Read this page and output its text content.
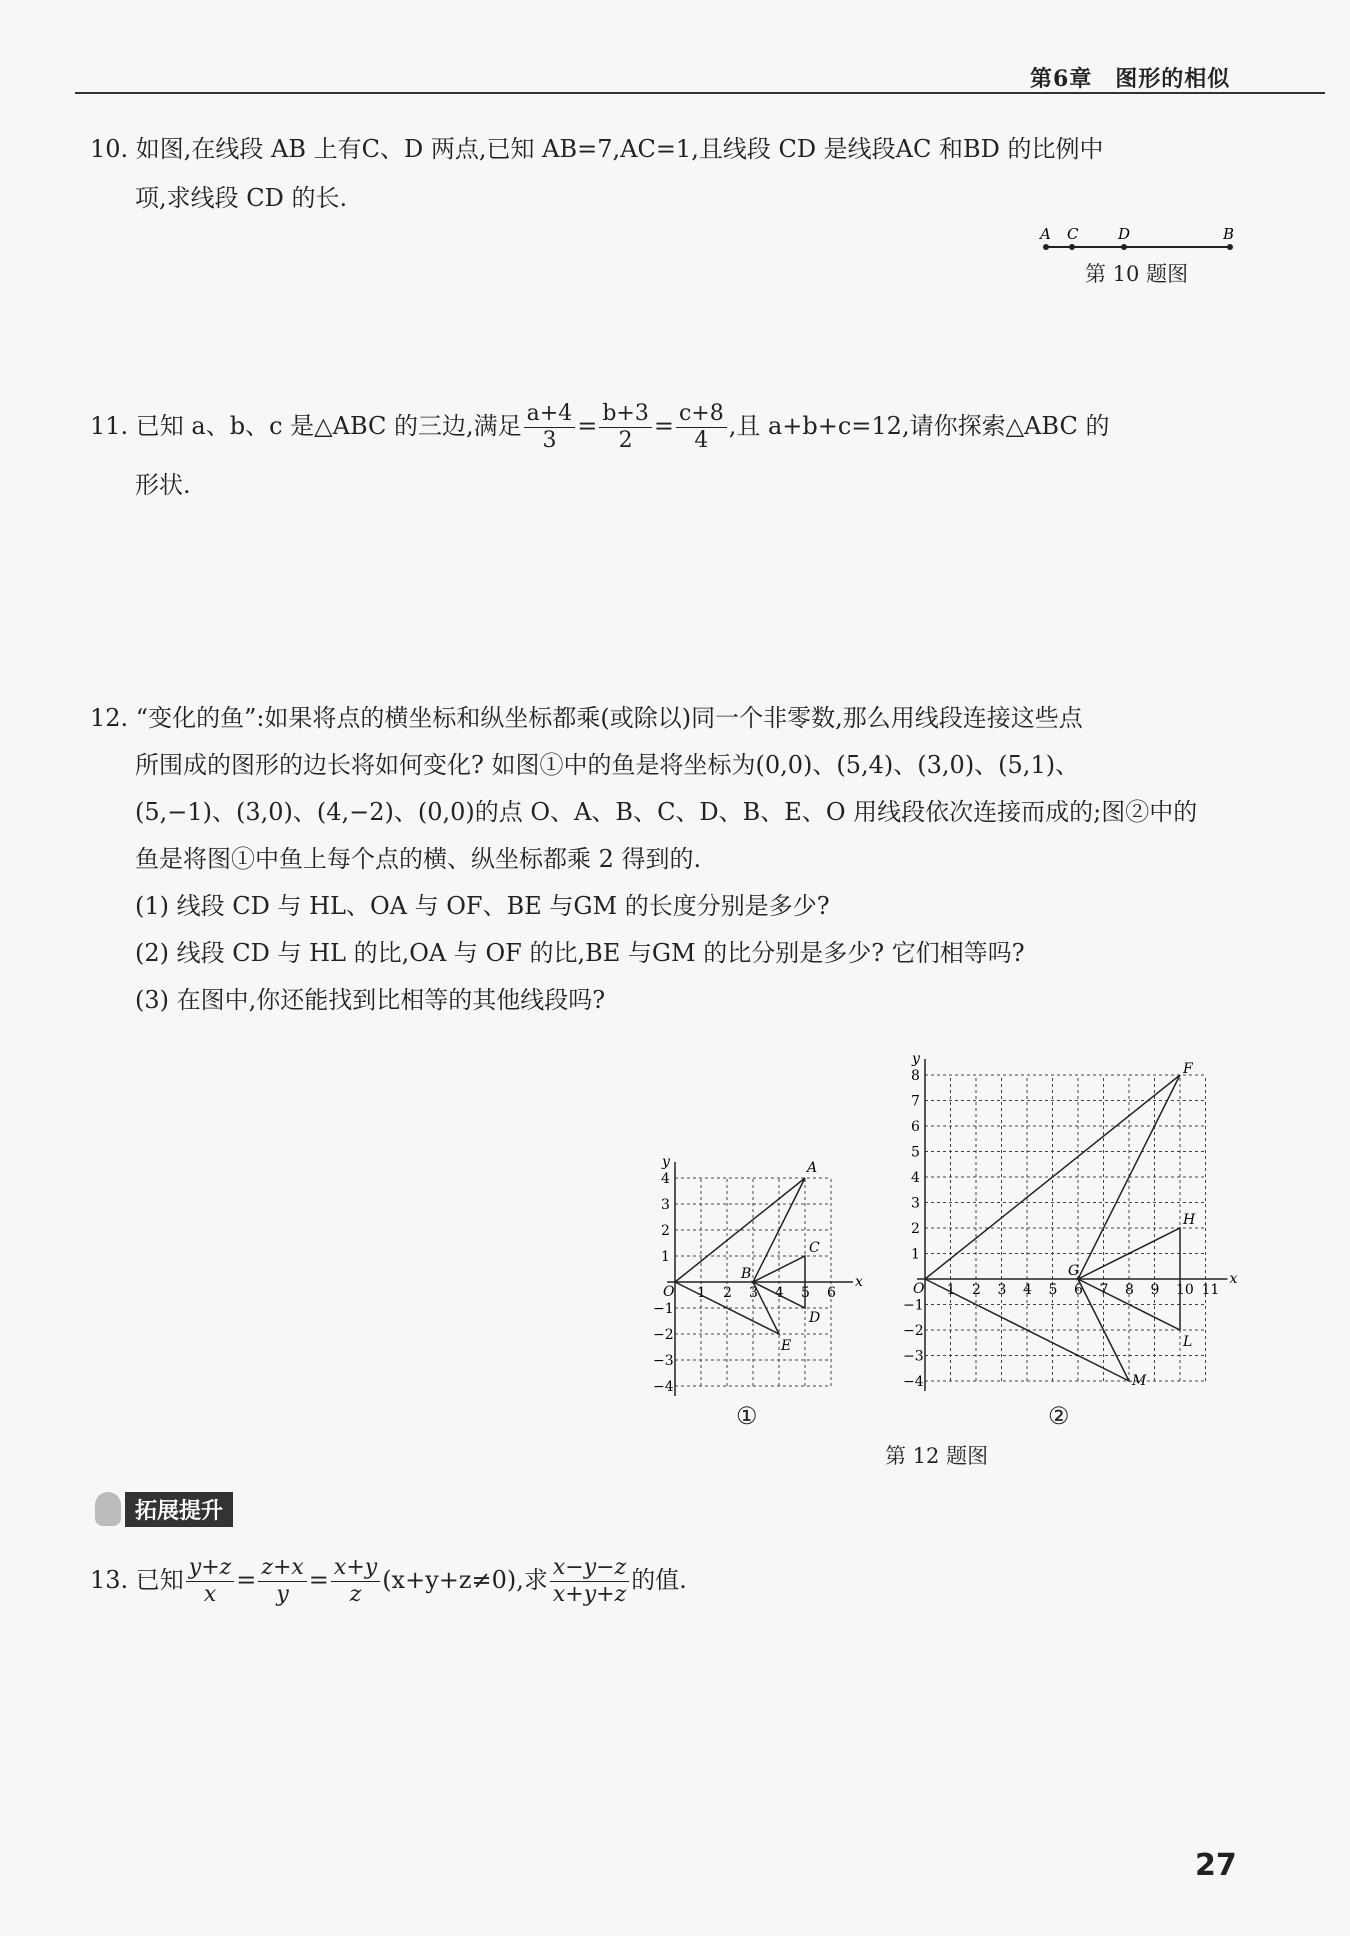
第6章　图形的相似
10. 如图,在线段 AB 上有C、D 两点,已知 AB=7,AC=1,且线段 CD 是线段AC 和BD 的比例中
项,求线段 CD 的长.
A C	D	B
第 10 题图
11. 已知 a、b、c 是△ABC 的三边,满足 $\frac{a+4}{3} = \frac{b+3}{2} = \frac{c+8}{4}$ ,且 a+b+c=12,请你探索△ABC 的
形状.
12. “变化的鱼”:如果将点的横坐标和纵坐标都乘(或除以)同一个非零数,那么用线段连接这些点
所围成的图形的边长将如何变化? 如图①中的鱼是将坐标为(0,0)、(5,4)、(3,0)、(5,1)、
(5,−1)、(3,0)、(4,−2)、(0,0)的点 O、A、B、C、D、B、E、O 用线段依次连接而成的;图②中的
鱼是将图①中鱼上每个点的横、纵坐标都乘 2 得到的.
(1) 线段 CD 与 HL、OA 与 OF、BE 与GM 的长度分别是多少?
(2) 线段 CD 与 HL 的比,OA 与 OF 的比,BE 与GM 的比分别是多少? 它们相等吗?
(3) 在图中,你还能找到比相等的其他线段吗?
x
y
1 2 3 4 5 6
−4
−3
−2
−1
1
2
3
4
O
A
B
C
D
E
①
x
y
1 2 3 4 5 6 7 8 9 10 11
−4
−3
−2
−1
1
2
3
4
5
6
7
8
O
F
G
H
L
M
②
第 12 题图
拓展提升
13. 已知 $\frac{y+z}{x} = \frac{z+x}{y} = \frac{x+y}{z} (x+y+z\ne 0)$,求 $\frac{x-y-z}{x+y+z}$ 的值.
27
